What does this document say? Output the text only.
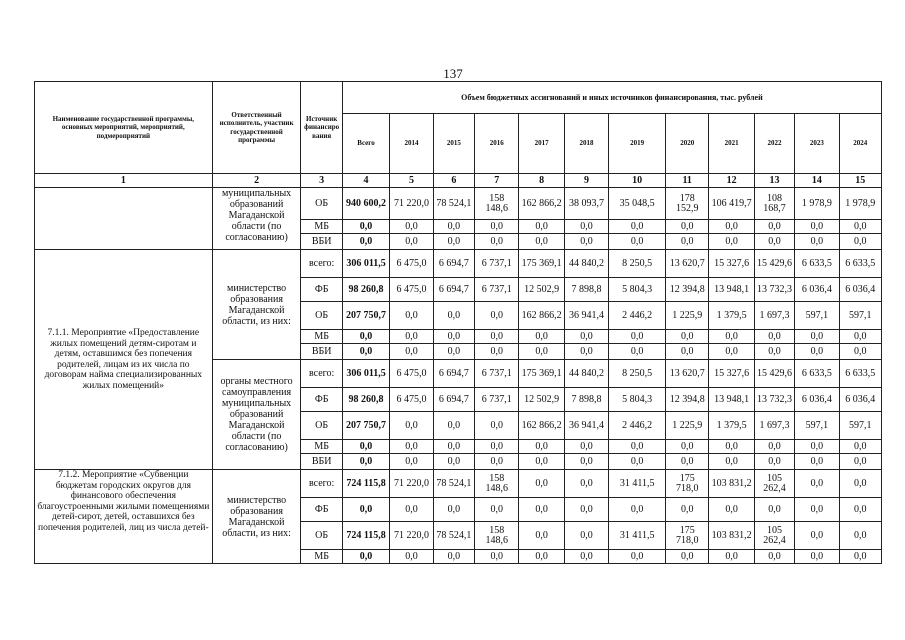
137
Наименование государственной программы, основных мероприятий, мероприятий, подмероприятий	Ответственный исполнитель, участник государственной программы	Источник финансирования	Объем бюджетных ассигнований и иных источников финансирования, тыс. рублей											
			Всего	2014	2015	2016	2017	2018	2019	2020	2021	2022	2023	2024
1	2	3	4	5	6	7	8	9	10	11	12	13	14	15
	муниципальных образований Магаданской области (по согласованию)	ОБ	940 600,2	71 220,0	78 524,1	158 148,6	162 866,2	38 093,7	35 048,5	178 152,9	106 419,7	108 168,7	1 978,9	1 978,9
		МБ	0,0	0,0	0,0	0,0	0,0	0,0	0,0	0,0	0,0	0,0	0,0	0,0
		ВБИ	0,0	0,0	0,0	0,0	0,0	0,0	0,0	0,0	0,0	0,0	0,0	0,0
7.1.1. Мероприятие «Предоставление жилых помещений детям-сиротам и детям, оставшимся без попечения родителей, лицам из их числа по договорам найма специализированных жилых помещений»	министерство образования Магаданской области, из них:	всего:	306 011,5	6 475,0	6 694,7	6 737,1	175 369,1	44 840,2	8 250,5	13 620,7	15 327,6	15 429,6	6 633,5	6 633,5
		ФБ	98 260,8	6 475,0	6 694,7	6 737,1	12 502,9	7 898,8	5 804,3	12 394,8	13 948,1	13 732,3	6 036,4	6 036,4
		ОБ	207 750,7	0,0	0,0	0,0	162 866,2	36 941,4	2 446,2	1 225,9	1 379,5	1 697,3	597,1	597,1
		МБ	0,0	0,0	0,0	0,0	0,0	0,0	0,0	0,0	0,0	0,0	0,0	0,0
		ВБИ	0,0	0,0	0,0	0,0	0,0	0,0	0,0	0,0	0,0	0,0	0,0	0,0
	органы местного самоуправления муниципальных образований Магаданской области (по согласованию)	всего:	306 011,5	6 475,0	6 694,7	6 737,1	175 369,1	44 840,2	8 250,5	13 620,7	15 327,6	15 429,6	6 633,5	6 633,5
		ФБ	98 260,8	6 475,0	6 694,7	6 737,1	12 502,9	7 898,8	5 804,3	12 394,8	13 948,1	13 732,3	6 036,4	6 036,4
		ОБ	207 750,7	0,0	0,0	0,0	162 866,2	36 941,4	2 446,2	1 225,9	1 379,5	1 697,3	597,1	597,1
		МБ	0,0	0,0	0,0	0,0	0,0	0,0	0,0	0,0	0,0	0,0	0,0	0,0
		ВБИ	0,0	0,0	0,0	0,0	0,0	0,0	0,0	0,0	0,0	0,0	0,0	0,0
7.1.2. Мероприятие «Субвенции бюджетам городских округов для финансового обеспечения благоустроенными жилыми помещениями детей-сирот, детей, оставшихся без попечения родителей, лиц из числа детей-	министерство образования Магаданской области, из них:	всего:	724 115,8	71 220,0	78 524,1	158 148,6	0,0	0,0	31 411,5	175 718,0	103 831,2	105 262,4	0,0	0,0
		ФБ	0,0	0,0	0,0	0,0	0,0	0,0	0,0	0,0	0,0	0,0	0,0	0,0
		ОБ	724 115,8	71 220,0	78 524,1	158 148,6	0,0	0,0	31 411,5	175 718,0	103 831,2	105 262,4	0,0	0,0
		МБ	0,0	0,0	0,0	0,0	0,0	0,0	0,0	0,0	0,0	0,0	0,0	0,0
